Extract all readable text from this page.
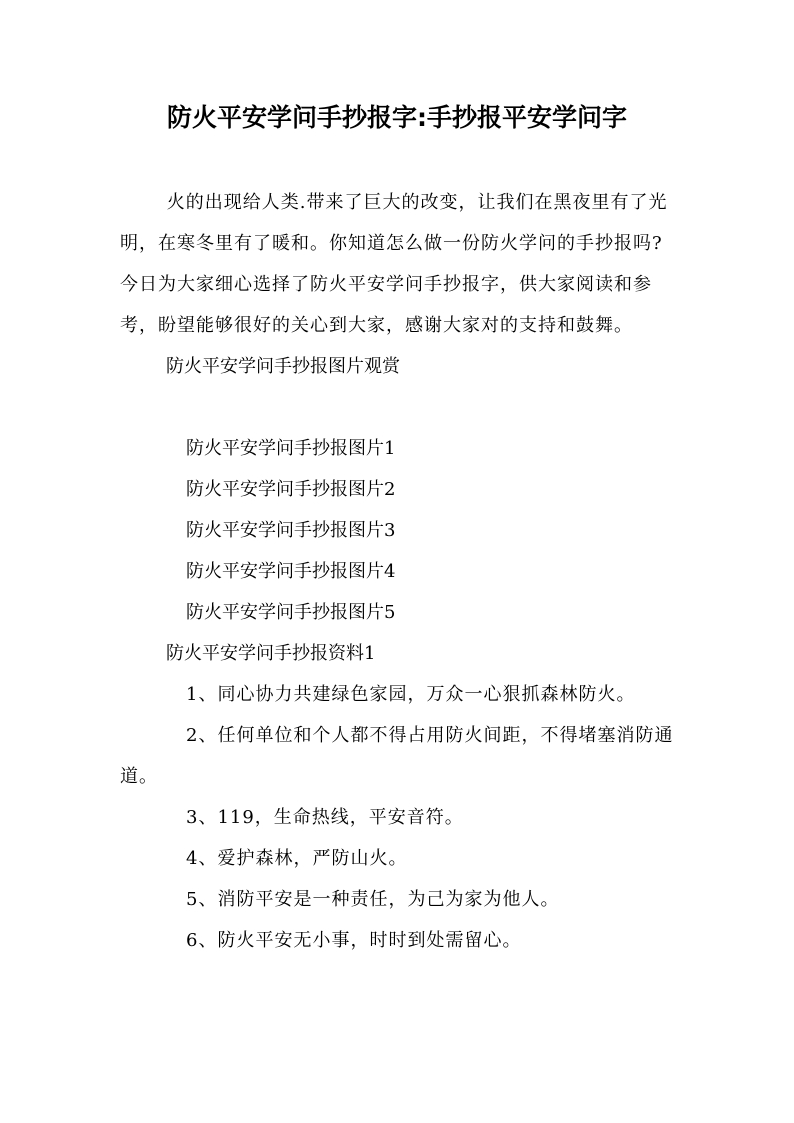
防火平安学问手抄报字:手抄报平安学问字

火的出现给人类.带来了巨大的改变，让我们在黑夜里有了光明，在寒冬里有了暖和。你知道怎么做一份防火学问的手抄报吗?今日为大家细心选择了防火平安学问手抄报字，供大家阅读和参考，盼望能够很好的关心到大家，感谢大家对的支持和鼓舞。

防火平安学问手抄报图片观赏

防火平安学问手抄报图片1

防火平安学问手抄报图片2

防火平安学问手抄报图片3

防火平安学问手抄报图片4

防火平安学问手抄报图片5

防火平安学问手抄报资料1

1、同心协力共建绿色家园，万众一心狠抓森林防火。

2、任何单位和个人都不得占用防火间距，不得堵塞消防通道。

3、119，生命热线，平安音符。

4、爱护森林，严防山火。

5、消防平安是一种责任，为己为家为他人。

6、防火平安无小事，时时到处需留心。
